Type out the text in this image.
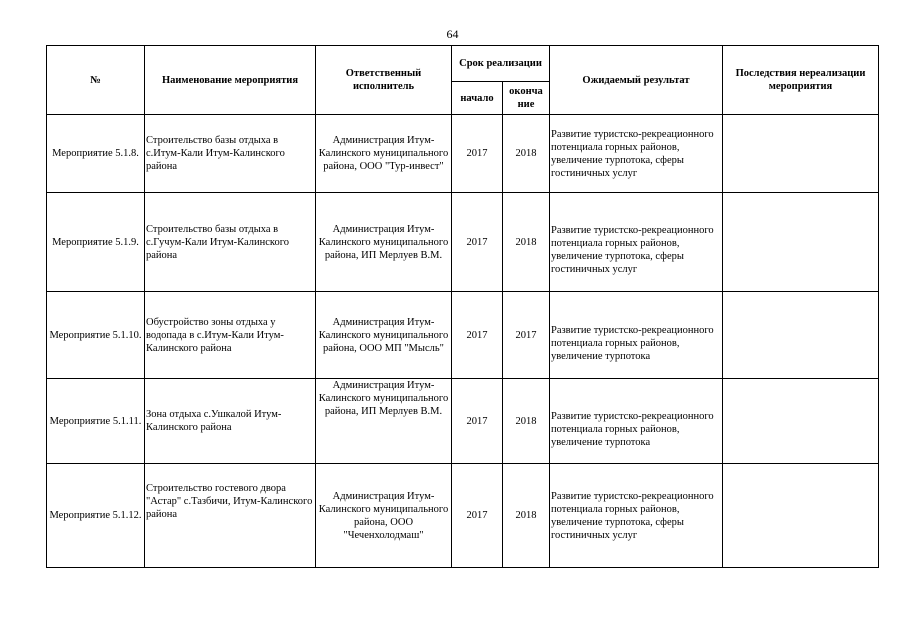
64
№	Наименование мероприятия	Ответственный исполнитель	Срок реализации		Ожидаемый результат	Последствия нереализации мероприятия
			начало	оконча ние		
Мероприятие 5.1.8.	Строительство базы отдыха в с.Итум-Кали Итум-Калинского района	Администрация Итум-Калинского муниципального района, ООО "Тур-инвест"	2017	2018	Развитие туристско-рекреационного потенциала горных районов, увеличение турпотока, сферы гостиничных услуг	
Мероприятие 5.1.9.	Строительство базы отдыха в с.Гучум-Кали Итум-Калинского района	Администрация Итум-Калинского муниципального района, ИП Мерлуев В.М.	2017	2018	Развитие туристско-рекреационного потенциала горных районов, увеличение турпотока, сферы гостиничных услуг	
Мероприятие 5.1.10.	Обустройство зоны отдыха у водопада в с.Итум-Кали Итум-Калинского района	Администрация Итум-Калинского муниципального района, ООО МП "Мысль"	2017	2017	Развитие туристско-рекреационного потенциала горных районов, увеличение турпотока	
Мероприятие 5.1.11.	Зона отдыха с.Ушкалой Итум-Калинского района	Администрация Итум-Калинского муниципального района, ИП Мерлуев В.М.	2017	2018	Развитие туристско-рекреационного потенциала горных районов, увеличение турпотока	
Мероприятие 5.1.12.	Строительство гостевого двора "Астар" с.Тазбичи, Итум-Калинского района	Администрация Итум-Калинского муниципального района, ООО "Чеченхолодмаш"	2017	2018	Развитие туристско-рекреационного потенциала горных районов, увеличение турпотока, сферы гостиничных услуг	
